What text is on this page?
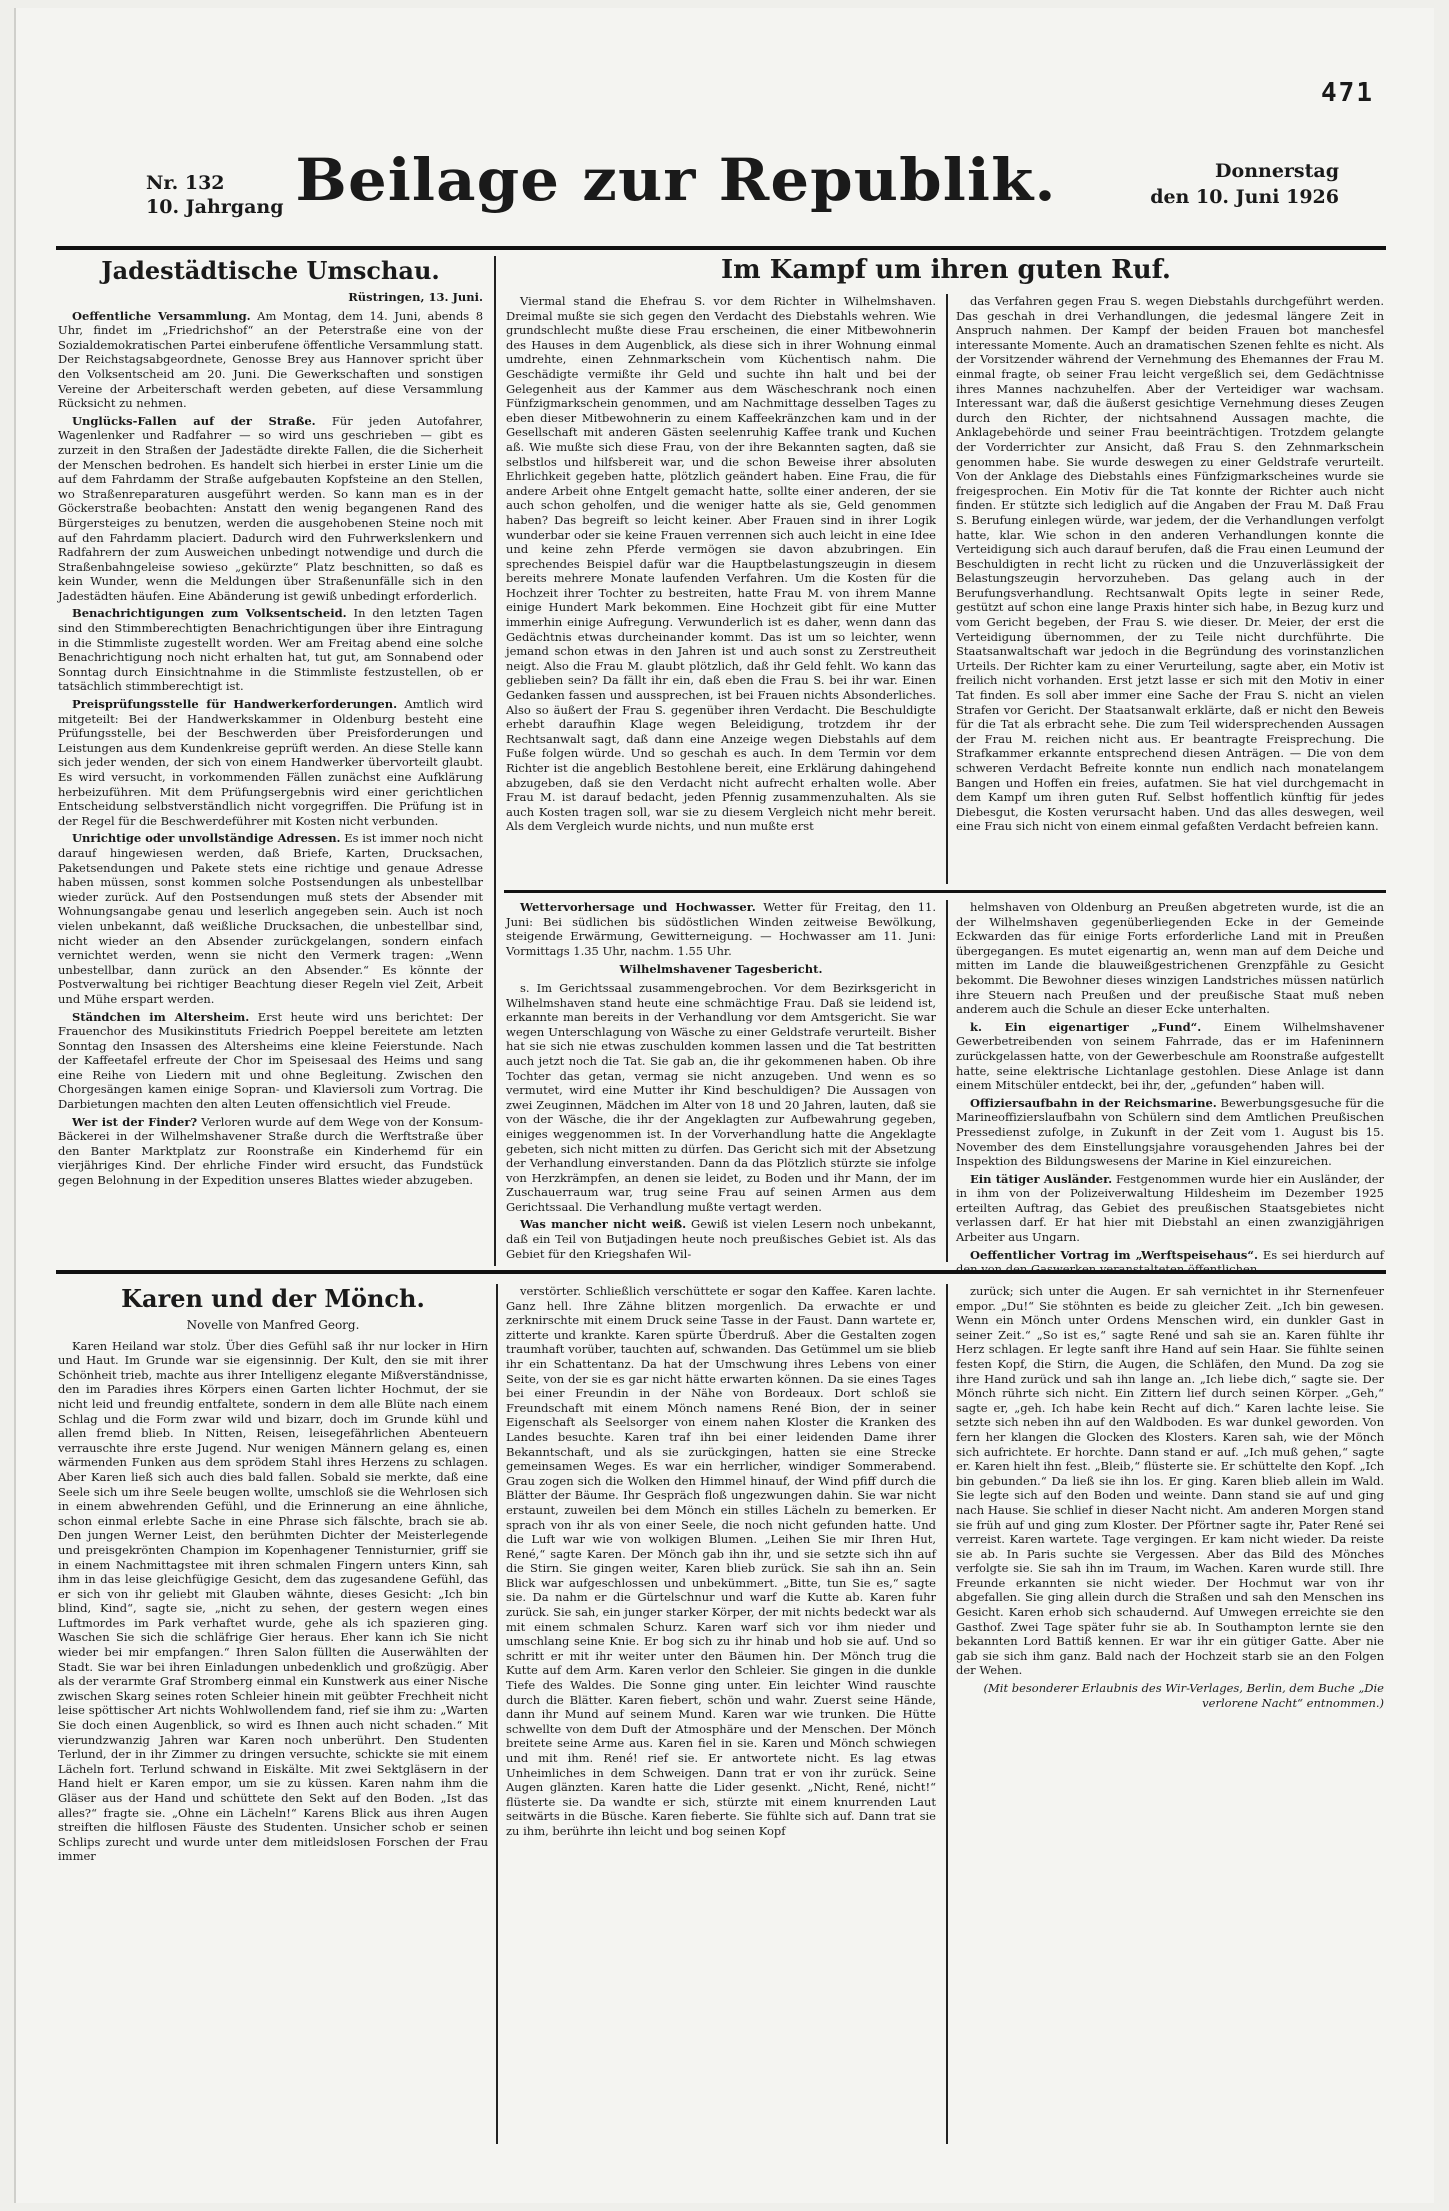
471
Nr. 132
10. Jahrgang Beilage zur Republik.	Donnerstag
den 10. Juni 1926
Jadestädtische Umschau.
Rüstringen, 13. Juni.

Oeffentliche Versammlung. Am Montag, dem 14. Juni, abends 8 Uhr, findet im „Friedrichshof“ an der Peterstraße eine von der Sozialdemokratischen Partei einberufene öffentliche Versammlung statt. Der Reichstagsabgeordnete, Genosse Brey aus Hannover spricht über den Volksentscheid am 20. Juni. Die Gewerkschaften und sonstigen Vereine der Arbeiterschaft werden gebeten, auf diese Versammlung Rücksicht zu nehmen.

Unglücks-Fallen auf der Straße. Für jeden Autofahrer, Wagenlenker und Radfahrer — so wird uns geschrieben — gibt es zurzeit in den Straßen der Jadestädte direkte Fallen, die die Sicherheit der Menschen bedrohen. Es handelt sich hierbei in erster Linie um die auf dem Fahrdamm der Straße aufgebauten Kopfsteine an den Stellen, wo Straßenreparaturen ausgeführt werden. So kann man es in der Göckerstraße beobachten: Anstatt den wenig begangenen Rand des Bürgersteiges zu benutzen, werden die ausgehobenen Steine noch mit auf den Fahrdamm placiert. Dadurch wird den Fuhrwerkslenkern und Radfahrern der zum Ausweichen unbedingt notwendige und durch die Straßenbahngeleise sowieso „gekürzte“ Platz beschnitten, so daß es kein Wunder, wenn die Meldungen über Straßenunfälle sich in den Jadestädten häufen. Eine Abänderung ist gewiß unbedingt erforderlich.

Benachrichtigungen zum Volksentscheid. In den letzten Tagen sind den Stimmberechtigten Benachrichtigungen über ihre Eintragung in die Stimmliste zugestellt worden. Wer am Freitag abend eine solche Benachrichtigung noch nicht erhalten hat, tut gut, am Sonnabend oder Sonntag durch Einsichtnahme in die Stimmliste festzustellen, ob er tatsächlich stimmberechtigt ist.

Preisprüfungsstelle für Handwerkerforderungen. Amtlich wird mitgeteilt: Bei der Handwerkskammer in Oldenburg besteht eine Prüfungsstelle, bei der Beschwerden über Preisforderungen und Leistungen aus dem Kundenkreise geprüft werden. An diese Stelle kann sich jeder wenden, der sich von einem Handwerker übervorteilt glaubt. Es wird versucht, in vorkommenden Fällen zunächst eine Aufklärung herbeizuführen. Mit dem Prüfungsergebnis wird einer gerichtlichen Entscheidung selbstverständlich nicht vorgegriffen. Die Prüfung ist in der Regel für die Beschwerdeführer mit Kosten nicht verbunden.

Unrichtige oder unvollständige Adressen. Es ist immer noch nicht darauf hingewiesen werden, daß Briefe, Karten, Drucksachen, Paketsendungen und Pakete stets eine richtige und genaue Adresse haben müssen, sonst kommen solche Postsendungen als unbestellbar wieder zurück. Auf den Postsendungen muß stets der Absender mit Wohnungsangabe genau und leserlich angegeben sein. Auch ist noch vielen unbekannt, daß weißliche Drucksachen, die unbestellbar sind, nicht wieder an den Absender zurückgelangen, sondern einfach vernichtet werden, wenn sie nicht den Vermerk tragen: „Wenn unbestellbar, dann zurück an den Absender.“ Es könnte der Postverwaltung bei richtiger Beachtung dieser Regeln viel Zeit, Arbeit und Mühe erspart werden.

Ständchen im Altersheim. Erst heute wird uns berichtet: Der Frauenchor des Musikinstituts Friedrich Poeppel bereitete am letzten Sonntag den Insassen des Altersheims eine kleine Feierstunde. Nach der Kaffeetafel erfreute der Chor im Speisesaal des Heims und sang eine Reihe von Liedern mit und ohne Begleitung. Zwischen den Chorgesängen kamen einige Sopran- und Klaviersoli zum Vortrag. Die Darbietungen machten den alten Leuten offensichtlich viel Freude.

Wer ist der Finder? Verloren wurde auf dem Wege von der Konsum-Bäckerei in der Wilhelmshavener Straße durch die Werftstraße über den Banter Marktplatz zur Roonstraße ein Kinderhemd für ein vierjähriges Kind. Der ehrliche Finder wird ersucht, das Fundstück gegen Belohnung in der Expedition unseres Blattes wieder abzugeben.

Im Kampf um ihren guten Ruf.

Viermal stand die Ehefrau S. vor dem Richter in Wilhelmshaven. Dreimal mußte sie sich gegen den Verdacht des Diebstahls wehren. Wie grundschlecht mußte diese Frau erscheinen, die einer Mitbewohnerin des Hauses in dem Augenblick, als diese sich in ihrer Wohnung einmal umdrehte, einen Zehnmarkschein vom Küchentisch nahm. Die Geschädigte vermißte ihr Geld und suchte ihn halt und bei der Gelegenheit aus der Kammer aus dem Wäscheschrank noch einen Fünfzigmarkschein genommen, und am Nachmittage desselben Tages zu eben dieser Mitbewohnerin zu einem Kaffeekränzchen kam und in der Gesellschaft mit anderen Gästen seelenruhig Kaffee trank und Kuchen aß. Wie mußte sich diese Frau, von der ihre Bekannten sagten, daß sie selbstlos und hilfsbereit war, und die schon Beweise ihrer absoluten Ehrlichkeit gegeben hatte, plötzlich geändert haben. Eine Frau, die für andere Arbeit ohne Entgelt gemacht hatte, sollte einer anderen, der sie auch schon geholfen, und die weniger hatte als sie, Geld genommen haben? Das begreift so leicht keiner. Aber Frauen sind in ihrer Logik wunderbar oder sie keine Frauen verrennen sich auch leicht in eine Idee und keine zehn Pferde vermögen sie davon abzubringen. Ein sprechendes Beispiel dafür war die Hauptbelastungszeugin in diesem bereits mehrere Monate laufenden Verfahren. Um die Kosten für die Hochzeit ihrer Tochter zu bestreiten, hatte Frau M. von ihrem Manne einige Hundert Mark bekommen. Eine Hochzeit gibt für eine Mutter immerhin einige Aufregung. Verwunderlich ist es daher, wenn dann das Gedächtnis etwas durcheinander kommt. Das ist um so leichter, wenn jemand schon etwas in den Jahren ist und auch sonst zu Zerstreutheit neigt. Also die Frau M. glaubt plötzlich, daß ihr Geld fehlt. Wo kann das geblieben sein? Da fällt ihr ein, daß eben die Frau S. bei ihr war. Einen Gedanken fassen und aussprechen, ist bei Frauen nichts Absonderliches. Also so äußert der Frau S. gegenüber ihren Verdacht. Die Beschuldigte erhebt daraufhin Klage wegen Beleidigung, trotzdem ihr der Rechtsanwalt sagt, daß dann eine Anzeige wegen Diebstahls auf dem Fuße folgen würde. Und so geschah es auch. In dem Termin vor dem Richter ist die angeblich Bestohlene bereit, eine Erklärung dahingehend abzugeben, daß sie den Verdacht nicht aufrecht erhalten wolle. Aber Frau M. ist darauf bedacht, jeden Pfennig zusammenzuhalten. Als sie auch Kosten tragen soll, war sie zu diesem Vergleich nicht mehr bereit. Als dem Vergleich wurde nichts, und nun mußte erst

das Verfahren gegen Frau S. wegen Diebstahls durchgeführt werden. Das geschah in drei Verhandlungen, die jedesmal längere Zeit in Anspruch nahmen. Der Kampf der beiden Frauen bot manchesfel interessante Momente. Auch an dramatischen Szenen fehlte es nicht. Als der Vorsitzender während der Vernehmung des Ehemannes der Frau M. einmal fragte, ob seiner Frau leicht vergeßlich sei, dem Gedächtnisse ihres Mannes nachzuhelfen. Aber der Verteidiger war wachsam. Interessant war, daß die äußerst gesichtige Vernehmung dieses Zeugen durch den Richter, der nichtsahnend Aussagen machte, die Anklagebehörde und seiner Frau beeinträchtigen. Trotzdem gelangte der Vorderrichter zur Ansicht, daß Frau S. den Zehnmarkschein genommen habe. Sie wurde deswegen zu einer Geldstrafe verurteilt. Von der Anklage des Diebstahls eines Fünfzigmarkscheines wurde sie freigesprochen. Ein Motiv für die Tat konnte der Richter auch nicht finden. Er stützte sich lediglich auf die Angaben der Frau M. Daß Frau S. Berufung einlegen würde, war jedem, der die Verhandlungen verfolgt hatte, klar. Wie schon in den anderen Verhandlungen konnte die Verteidigung sich auch darauf berufen, daß die Frau einen Leumund der Beschuldigten in recht licht zu rücken und die Unzuverlässigkeit der Belastungszeugin hervorzuheben. Das gelang auch in der Berufungsverhandlung. Rechtsanwalt Opits legte in seiner Rede, gestützt auf schon eine lange Praxis hinter sich habe, in Bezug kurz und vom Gericht begeben, der Frau S. wie dieser. Dr. Meier, der erst die Verteidigung übernommen, der zu Teile nicht durchführte. Die Staatsanwaltschaft war jedoch in die Begründung des vorinstanzlichen Urteils. Der Richter kam zu einer Verurteilung, sagte aber, ein Motiv ist freilich nicht vorhanden. Erst jetzt lasse er sich mit den Motiv in einer Tat finden. Es soll aber immer eine Sache der Frau S. nicht an vielen Strafen vor Gericht. Der Staatsanwalt erklärte, daß er nicht den Beweis für die Tat als erbracht sehe. Die zum Teil widersprechenden Aussagen der Frau M. reichen nicht aus. Er beantragte Freisprechung. Die Strafkammer erkannte entsprechend diesen Anträgen. — Die von dem schweren Verdacht Befreite konnte nun endlich nach monatelangem Bangen und Hoffen ein freies, aufatmen. Sie hat viel durchgemacht in dem Kampf um ihren guten Ruf. Selbst hoffentlich künftig für jedes Diebesgut, die Kosten verursacht haben. Und das alles deswegen, weil eine Frau sich nicht von einem einmal gefaßten Verdacht befreien kann.

Wettervorhersage und Hochwasser. Wetter für Freitag, den 11. Juni: Bei südlichen bis südöstlichen Winden zeitweise Bewölkung, steigende Erwärmung, Gewitterneigung. — Hochwasser am 11. Juni: Vormittags 1.35 Uhr, nachm. 1.55 Uhr.

Wilhelmshavener Tagesbericht.

s. Im Gerichtssaal zusammengebrochen. Vor dem Bezirksgericht in Wilhelmshaven stand heute eine schmächtige Frau. Daß sie leidend ist, erkannte man bereits in der Verhandlung vor dem Amtsgericht. Sie war wegen Unterschlagung von Wäsche zu einer Geldstrafe verurteilt. Bisher hat sie sich nie etwas zuschulden kommen lassen und die Tat bestritten auch jetzt noch die Tat. Sie gab an, die ihr gekommenen haben. Ob ihre Tochter das getan, vermag sie nicht anzugeben. Und wenn es so vermutet, wird eine Mutter ihr Kind beschuldigen? Die Aussagen von zwei Zeuginnen, Mädchen im Alter von 18 und 20 Jahren, lauten, daß sie von der Wäsche, die ihr der Angeklagten zur Aufbewahrung gegeben, einiges weggenommen ist. In der Vorverhandlung hatte die Angeklagte gebeten, sich nicht mitten zu dürfen. Das Gericht sich mit der Absetzung der Verhandlung einverstanden. Dann da das Plötzlich stürzte sie infolge von Herzkrämpfen, an denen sie leidet, zu Boden und ihr Mann, der im Zuschauerraum war, trug seine Frau auf seinen Armen aus dem Gerichtssaal. Die Verhandlung mußte vertagt werden.

Was mancher nicht weiß. Gewiß ist vielen Lesern noch unbekannt, daß ein Teil von Butjadingen heute noch preußisches Gebiet ist. Als das Gebiet für den Kriegshafen Wil-

helmshaven von Oldenburg an Preußen abgetreten wurde, ist die an der Wilhelmshaven gegenüberliegenden Ecke in der Gemeinde Eckwarden das für einige Forts erforderliche Land mit in Preußen übergegangen. Es mutet eigenartig an, wenn man auf dem Deiche und mitten im Lande die blauweißgestrichenen Grenzpfähle zu Gesicht bekommt. Die Bewohner dieses winzigen Landstriches müssen natürlich ihre Steuern nach Preußen und der preußische Staat muß neben anderem auch die Schule an dieser Ecke unterhalten.

k. Ein eigenartiger „Fund“. Einem Wilhelmshavener Gewerbetreibenden von seinem Fahrrade, das er im Hafeninnern zurückgelassen hatte, von der Gewerbeschule am Roonstraße aufgestellt hatte, seine elektrische Lichtanlage gestohlen. Diese Anlage ist dann einem Mitschüler entdeckt, bei ihr, der, „gefunden“ haben will.

Offiziersaufbahn in der Reichsmarine. Bewerbungsgesuche für die Marineoffizierslaufbahn von Schülern sind dem Amtlichen Preußischen Pressedienst zufolge, in Zukunft in der Zeit vom 1. August bis 15. November des dem Einstellungsjahre vorausgehenden Jahres bei der Inspektion des Bildungswesens der Marine in Kiel einzureichen.

Ein tätiger Ausländer. Festgenommen wurde hier ein Ausländer, der in ihm von der Polizeiverwaltung Hildesheim im Dezember 1925 erteilten Auftrag, das Gebiet des preußischen Staatsgebietes nicht verlassen darf. Er hat hier mit Diebstahl an einen zwanzigjährigen Arbeiter aus Ungarn.

Oeffentlicher Vortrag im „Werftspeisehaus“. Es sei hierdurch auf

Karen und der Mönch.
Novelle von Manfred Georg.

Karen Heiland war stolz. Über dies Gefühl saß ihr nur locker in Hirn und Haut. Im Grunde war sie eigensinnig. Der Kult, den sie mit ihrer Schönheit trieb, machte aus ihrer Intelligenz elegante Mißverständnisse, den im Paradies ihres Körpers einen Garten lichter Hochmut, der sie nicht leid und freundig entfaltete, sondern in dem alle Blüte nach einem Schlag und die Form zwar wild und bizarr, doch im Grunde kühl und allen fremd blieb. In Nitten, Reisen, leisegefährlichen Abenteuern verrauschte ihre erste Jugend. Nur wenigen Männern gelang es, einen wärmenden Funken aus dem sprödem Stahl ihres Herzens zu schlagen. Aber Karen ließ sich auch dies bald fallen. Sobald sie merkte, daß eine Seele sich um ihre Seele beugen wollte, umschloß sie die Wehrlosen sich in einem abwehrenden Gefühl, und die Erinnerung an eine ähnliche, schon einmal erlebte Sache in eine Phrase sich fälschte, brach sie ab. Den jungen Werner Leist, den berühmten Dichter der Meisterlegende und preisgekrönten Champion im Kopenhagener Tennisturnier, griff sie in einem Nachmittagstee mit ihren schmalen Fingern unters Kinn, sah ihm in das leise gleichfügige Gesicht, dem das zugesandene Gefühl, das er sich von ihr geliebt mit Glauben wähnte, dieses Gesicht: „Ich bin blind, Kind“, sagte sie, „nicht zu sehen, der gestern wegen eines Luftmordes im Park verhaftet wurde, gehe als ich spazieren ging. Waschen Sie sich die schläfrige Gier heraus. Eher kann ich Sie nicht wieder bei mir empfangen.“ Ihren Salon füllten die Auserwählten der Stadt. Sie war bei ihren Einladungen unbedenklich und großzügig. Aber als der verarmte Graf Stromberg einmal ein Kunstwerk aus einer Nische zwischen Skarg seines roten Schleier hinein mit geübter Frechheit nicht leise spöttischer Art nichts Wohlwollendem fand, rief sie ihm zu: „Warten Sie doch einen Augenblick, so wird es Ihnen auch nicht schaden.“ Mit vierundzwanzig Jahren war Karen noch unberührt. Den Studenten Terlund, der in ihr Zimmer zu dringen versuchte, schickte sie mit einem Lächeln fort. Terlund schwand in Eiskälte. Mit zwei Sektgläsern in der Hand hielt er Karen empor, um sie zu küssen. Karen nahm ihm die Gläser aus der Hand und schüttete den Sekt auf den Boden. „Ist das alles?“ fragte sie. „Ohne ein Lächeln!“ Karens Blick aus ihren Augen streiften die hilflosen Fäuste des Studenten. Unsicher schob er seinen Schlips zurecht und wurde unter dem mitleidslosen Forschen der Frau immer

verstörter. Schließlich verschüttete er sogar den Kaffee. Karen lachte. Ganz hell. Ihre Zähne blitzen morgenlich. Da erwachte er und zerknirschte mit einem Druck seine Tasse in der Faust. Dann wartete er, zitterte und krankte. Karen spürte Überdruß. Aber die Gestalten zogen traumhaft vorüber, tauchten auf, schwanden. Das Getümmel um sie blieb ihr ein Schattentanz. Da hat der Umschwung ihres Lebens von einer Seite, von der sie es gar nicht hätte erwarten können. Da sie eines Tages bei einer Freundin in der Nähe von Bordeaux. Dort schloß sie Freundschaft mit einem Mönch namens René Bion, der in seiner Eigenschaft als Seelsorger von einem nahen Kloster die Kranken des Landes besuchte. Karen traf ihn bei einer leidenden Dame ihrer Bekanntschaft, und als sie zurückgingen, hatten sie eine Strecke gemeinsamen Weges. Es war ein herrlicher, windiger Sommerabend. Grau zogen sich die Wolken den Himmel hinauf, der Wind pfiff durch die Blätter der Bäume. Ihr Gespräch floß ungezwungen dahin. Sie war nicht erstaunt, zuweilen bei dem Mönch ein stilles Lächeln zu bemerken. Er sprach von ihr als von einer Seele, die noch nicht gefunden hatte. Und die Luft war wie von wolkigen Blumen. „Leihen Sie mir Ihren Hut, René,“ sagte Karen. Der Mönch gab ihn ihr, und sie setzte sich ihn auf die Stirn. Sie gingen weiter, Karen blieb zurück. Sie sah ihn an. Sein Blick war aufgeschlossen und unbekümmert. „Bitte, tun Sie es,“ sagte sie. Da nahm er die Gürtelschnur und warf die Kutte ab. Karen fuhr zurück. Sie sah, ein junger starker Körper, der mit nichts bedeckt war als mit einem schmalen Schurz. Karen warf sich vor ihm nieder und umschlang seine Knie. Er bog sich zu ihr hinab und hob sie auf. Und so schritt er mit ihr weiter unter den Bäumen hin. Der Mönch trug die Kutte auf dem Arm. Karen verlor den Schleier. Sie gingen in die dunkle Tiefe des Waldes. Die Sonne ging unter. Ein leichter Wind rauschte durch die Blätter. Karen fiebert, schön und wahr. Zuerst seine Hände, dann ihr Mund auf seinem Mund. Karen war wie trunken. Die Hütte schwellte von dem Duft der Atmosphäre und der Menschen. Der Mönch breitete seine Arme aus. Karen fiel in sie. Karen und Mönch schwiegen und mit ihm. René! rief sie. Er antwortete nicht. Es lag etwas Unheimliches in dem Schweigen. Dann trat er von ihr zurück. Seine Augen glänzten. Karen hatte die Lider gesenkt. „Nicht, René, nicht!“ flüsterte sie. Da wandte er sich, stürzte mit einem knurrenden Laut seitwärts in die Büsche. Karen fieberte. Sie fühlte sich auf. Dann trat sie zu ihm, berührte ihn leicht und bog seinen Kopf

zurück; sich unter die Augen. Er sah vernichtet in ihr Sternenfeuer empor. „Du!“ Sie stöhnten es beide zu gleicher Zeit. „Ich bin gewesen. Wenn ein Mönch unter Ordens Menschen wird, ein dunkler Gast in seiner Zeit.“ „So ist es,“ sagte René und sah sie an. Karen fühlte ihr Herz schlagen. Er legte sanft ihre Hand auf sein Haar. Sie fühlte seinen festen Kopf, die Stirn, die Augen, die Schläfen, den Mund. Da zog sie ihre Hand zurück und sah ihn lange an. „Ich liebe dich,“ sagte sie. Der Mönch rührte sich nicht. Ein Zittern lief durch seinen Körper. „Geh,“ sagte er, „geh. Ich habe kein Recht auf dich.“ Karen lachte leise. Sie setzte sich neben ihn auf den Waldboden. Es war dunkel geworden. Von fern her klangen die Glocken des Klosters. Karen sah, wie der Mönch sich aufrichtete. Er horchte. Dann stand er auf. „Ich muß gehen,“ sagte er. Karen hielt ihn fest. „Bleib,“ flüsterte sie. Er schüttelte den Kopf. „Ich bin gebunden.“ Da ließ sie ihn los. Er ging. Karen blieb allein im Wald. Sie legte sich auf den Boden und weinte. Dann stand sie auf und ging nach Hause. Sie schlief in dieser Nacht nicht. Am anderen Morgen stand sie früh auf und ging zum Kloster. Der Pförtner sagte ihr, Pater René sei verreist. Karen wartete. Tage vergingen. Er kam nicht wieder. Da reiste sie ab. In Paris suchte sie Vergessen. Aber das Bild des Mönches verfolgte sie. Sie sah ihn im Traum, im Wachen. Karen wurde still. Ihre Freunde erkannten sie nicht wieder. Der Hochmut war von ihr abgefallen. Sie ging allein durch die Straßen und sah den Menschen ins Gesicht. Karen erhob sich schaudernd. Auf Umwegen erreichte sie den Gasthof. Zwei Tage später fuhr sie ab. In Southampton lernte sie den bekannten Lord Battiß kennen. Er war ihr ein gütiger Gatte. Aber nie gab sie sich ihm ganz. Bald nach der Hochzeit starb sie an den Folgen der Wehen.

(Mit besonderer Erlaubnis des Wir-Verlages, Berlin, dem Buche „Die verlorene Nacht“ entnommen.)
